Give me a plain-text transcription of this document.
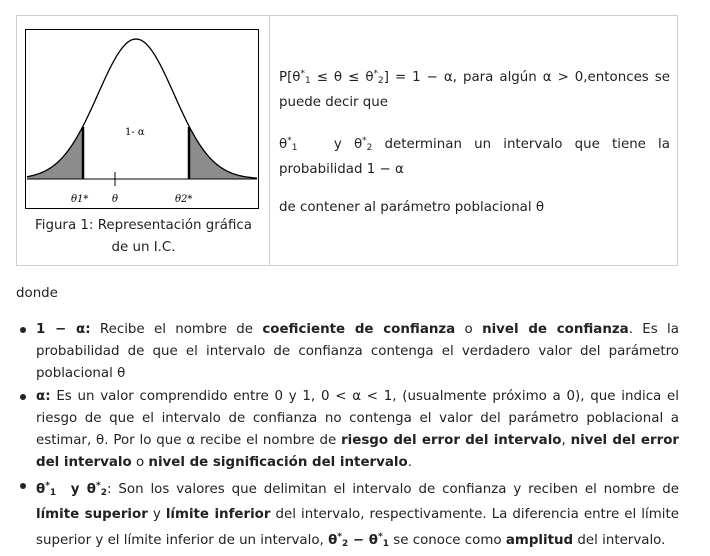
1- α
θ1* θ	θ2*
Figura 1: Representación gráfica
de un I.C.

$P[\theta^*_1 \le \theta \le \theta^*_2] = 1 - \alpha$, para algún α > 0,entonces se

puede decir que

$\theta^*_1$   y $\theta^*_2$ determinan un intervalo que tiene la

probabilidad 1 − α

de contener al parámetro poblacional θ

donde
1 − α: Recibe el nombre de coeficiente de confianza o nivel de confianza. Es la probabilidad de que el intervalo de confianza contenga el verdadero valor del parámetro poblacional θ
α: Es un valor comprendido entre 0 y 1, 0 < α < 1, (usualmente próximo a 0), que indica el riesgo de que el intervalo de confianza no contenga el valor del parámetro poblacional a estimar, θ. Por lo que α recibe el nombre de riesgo del error del intervalo, nivel del error del intervalo o nivel de significación del intervalo.
$\theta^*_1$  y $\theta^*_2$: Son los valores que delimitan el intervalo de confianza y reciben el nombre de límite superior y límite inferior del intervalo, respectivamente. La diferencia entre el límite superior y el límite inferior de un intervalo, $\theta^*_2 - \theta^*_1$ se conoce como amplitud del intervalo.
